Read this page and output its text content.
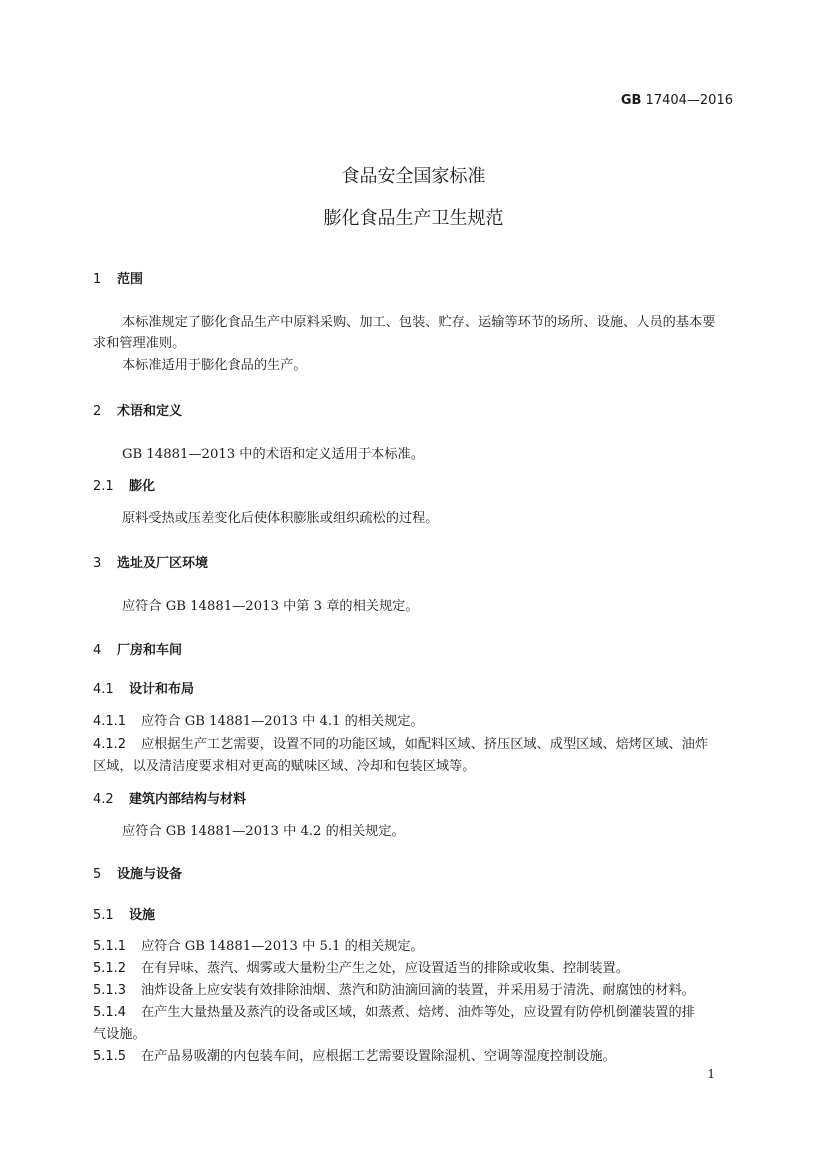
GB 17404—2016
食品安全国家标准
膨化食品生产卫生规范
1 范围
本标准规定了膨化食品生产中原料采购、加工、包装、贮存、运输等环节的场所、设施、人员的基本要
求和管理准则。
本标准适用于膨化食品的生产。
2 术语和定义
GB 14881—2013 中的术语和定义适用于本标准。
2.1 膨化
原料受热或压差变化后使体积膨胀或组织疏松的过程。
3 选址及厂区环境
应符合 GB 14881—2013 中第 3 章的相关规定。
4 厂房和车间
4.1 设计和布局
4.1.1 应符合 GB 14881—2013 中 4.1 的相关规定。
4.1.2 应根据生产工艺需要，设置不同的功能区域，如配料区域、挤压区域、成型区域、焙烤区域、油炸
区域，以及清洁度要求相对更高的赋味区域、冷却和包装区域等。
4.2 建筑内部结构与材料
应符合 GB 14881—2013 中 4.2 的相关规定。
5 设施与设备
5.1 设施
5.1.1 应符合 GB 14881—2013 中 5.1 的相关规定。
5.1.2 在有异味、蒸汽、烟雾或大量粉尘产生之处，应设置适当的排除或收集、控制装置。
5.1.3 油炸设备上应安装有效排除油烟、蒸汽和防油滴回滴的装置，并采用易于清洗、耐腐蚀的材料。
5.1.4 在产生大量热量及蒸汽的设备或区域，如蒸煮、焙烤、油炸等处，应设置有防停机倒灌装置的排
气设施。
5.1.5 在产品易吸潮的内包装车间，应根据工艺需要设置除湿机、空调等湿度控制设施。
1
